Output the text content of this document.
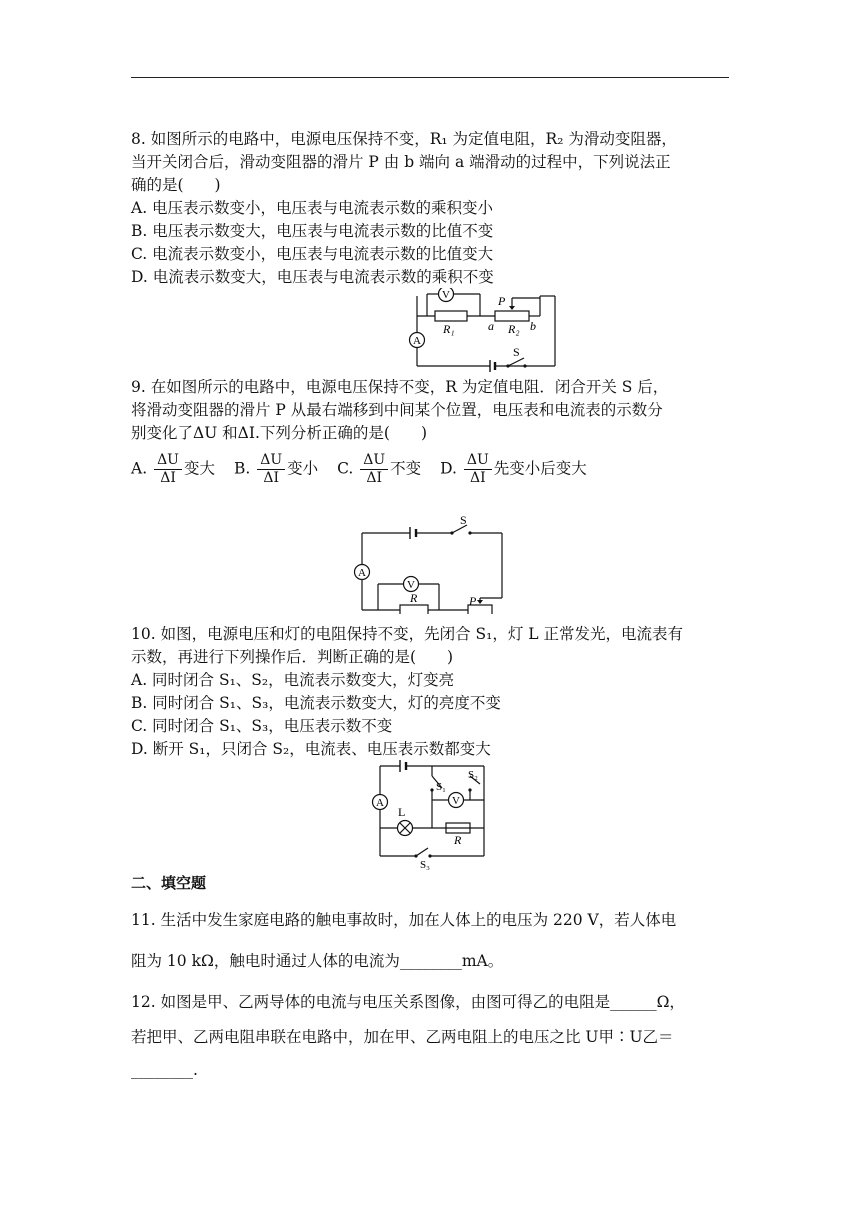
8. 如图所示的电路中，电源电压保持不变，R₁ 为定值电阻，R₂ 为滑动变阻器，
当开关闭合后，滑动变阻器的滑片 P 由 b 端向 a 端滑动的过程中，下列说法正
确的是(　　)
A. 电压表示数变小，电压表与电流表示数的乘积变小
B. 电压表示数变大，电压表与电流表示数的比值不变
C. 电流表示数变小，电压表与电流表示数的比值变大
D. 电流表示数变大，电压表与电流表示数的乘积不变
V
A
R₁	R₂
P
a	b
S
9. 在如图所示的电路中，电源电压保持不变，R 为定值电阻．闭合开关 S 后，
将滑动变阻器的滑片 P 从最右端移到中间某个位置，电压表和电流表的示数分
别变化了ΔU 和ΔI.下列分析正确的是(　　)
A. $\frac{\Delta U}{\Delta I}$ 变大 B. $\frac{\Delta U}{\Delta I}$ 变小 C. $\frac{\Delta U}{\Delta I}$ 不变 D. $\frac{\Delta U}{\Delta I}$ 先变小后变大
S
A
V
R	P
10. 如图，电源电压和灯的电阻保持不变，先闭合 S₁，灯 L 正常发光，电流表有
示数，再进行下列操作后．判断正确的是(　　)
A. 同时闭合 S₁、S₂，电流表示数变大，灯变亮
B. 同时闭合 S₁、S₃，电流表示数变大，灯的亮度不变
C. 同时闭合 S₁、S₃，电压表示数不变
D. 断开 S₁，只闭合 S₂，电流表、电压表示数都变大
A	V
L
R
S₁
S₂
S₃
二、填空题
11. 生活中发生家庭电路的触电事故时，加在人体上的电压为 220 V，若人体电
阻为 10 kΩ，触电时通过人体的电流为________mA。
12. 如图是甲、乙两导体的电流与电压关系图像，由图可得乙的电阻是______Ω，
若把甲、乙两电阻串联在电路中，加在甲、乙两电阻上的电压之比 U甲∶U乙＝
________.
